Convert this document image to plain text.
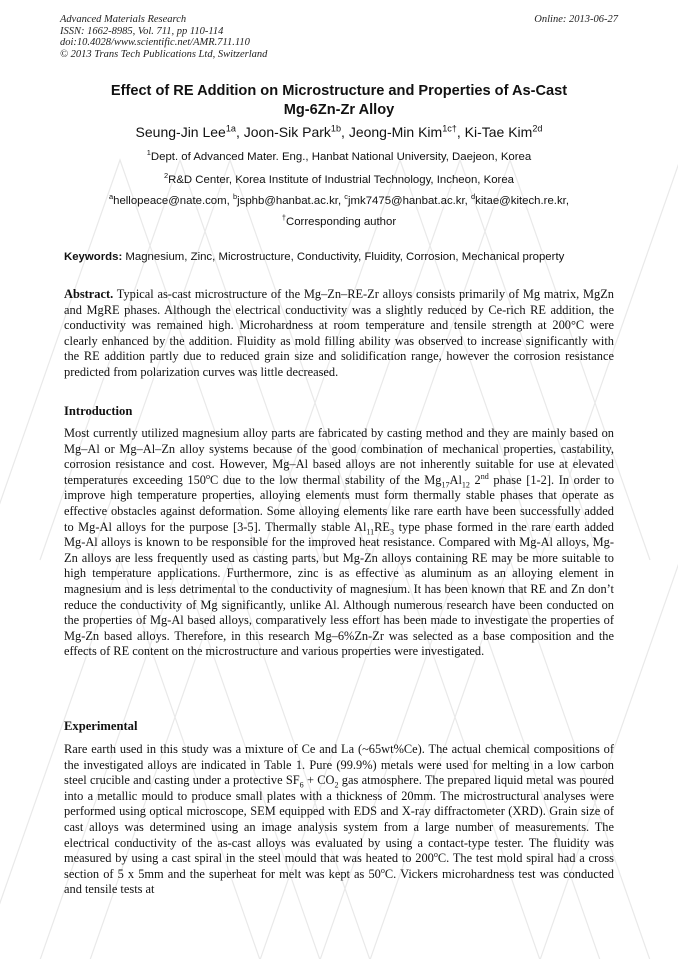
Advanced Materials Research
ISSN: 1662-8985, Vol. 711, pp 110-114
doi:10.4028/www.scientific.net/AMR.711.110
© 2013 Trans Tech Publications Ltd, Switzerland
Online: 2013-06-27
Effect of RE Addition on Microstructure and Properties of As-Cast
Mg-6Zn-Zr Alloy
Seung-Jin Lee$^{1a}$, Joon-Sik Park$^{1b}$, Jeong-Min Kim$^{1c\dagger}$, Ki-Tae Kim$^{2d}$
$^1$Dept. of Advanced Mater. Eng., Hanbat National University, Daejeon, Korea
$^2$R&D Center, Korea Institute of Industrial Technology, Incheon, Korea
$^a$hellopeace@nate.com, $^b$jsphb@hanbat.ac.kr, $^c$jmk7475@hanbat.ac.kr, $^d$kitae@kitech.re.kr,
†Corresponding author
Keywords: Magnesium, Zinc, Microstructure, Conductivity, Fluidity, Corrosion, Mechanical property
Abstract. Typical as-cast microstructure of the Mg–Zn–RE-Zr alloys consists primarily of Mg matrix, MgZn and MgRE phases. Although the electrical conductivity was a slightly reduced by Ce-rich RE addition, the conductivity was remained high. Microhardness at room temperature and tensile strength at 200°C were clearly enhanced by the addition. Fluidity as mold filling ability was observed to increase significantly with the RE addition partly due to reduced grain size and solidification range, however the corrosion resistance predicted from polarization curves was little decreased.
Introduction
Most currently utilized magnesium alloy parts are fabricated by casting method and they are mainly based on Mg–Al or Mg–Al–Zn alloy systems because of the good combination of mechanical properties, castability, corrosion resistance and cost. However, Mg–Al based alloys are not inherently suitable for use at elevated temperatures exceeding 150$^o$C due to the low thermal stability of the $Mg_{17}Al_{12}$ 2nd phase [1-2]. In order to improve high temperature properties, alloying elements must form thermally stable phases that operate as effective obstacles against deformation. Some alloying elements like rare earth have been successfully added to Mg-Al alloys for the purpose [3-5]. Thermally stable $Al_{11}RE_3$ type phase formed in the rare earth added Mg-Al alloys is known to be responsible for the improved heat resistance. Compared with Mg-Al alloys, Mg-Zn alloys are less frequently used as casting parts, but Mg-Zn alloys containing RE may be more suitable to high temperature applications. Furthermore, zinc is as effective as aluminum as an alloying element in magnesium and is less detrimental to the conductivity of magnesium. It has been known that RE and Zn don’t reduce the conductivity of Mg significantly, unlike Al. Although numerous research have been conducted on the properties of Mg-Al based alloys, comparatively less effort has been made to investigate the properties of Mg-Zn based alloys. Therefore, in this research Mg–6%Zn-Zr was selected as a base composition and the effects of RE content on the microstructure and various properties were investigated.
Experimental
Rare earth used in this study was a mixture of Ce and La (~65wt%Ce). The actual chemical compositions of the investigated alloys are indicated in Table 1. Pure (99.9%) metals were used for melting in a low carbon steel crucible and casting under a protective $SF_6 + CO_2$ gas atmosphere. The prepared liquid metal was poured into a metallic mould to produce small plates with a thickness of 20mm. The microstructural analyses were performed using optical microscope, SEM equipped with EDS and X-ray diffractometer (XRD). Grain size of cast alloys was determined using an image analysis system from a large number of measurements. The electrical conductivity of the as-cast alloys was evaluated by using a contact-type tester. The fluidity was measured by using a cast spiral in the steel mould that was heated to 200$^o$C. The test mold spiral had a cross section of 5 x 5mm and the superheat for melt was kept as 50$^o$C. Vickers microhardness test was conducted and tensile tests at
